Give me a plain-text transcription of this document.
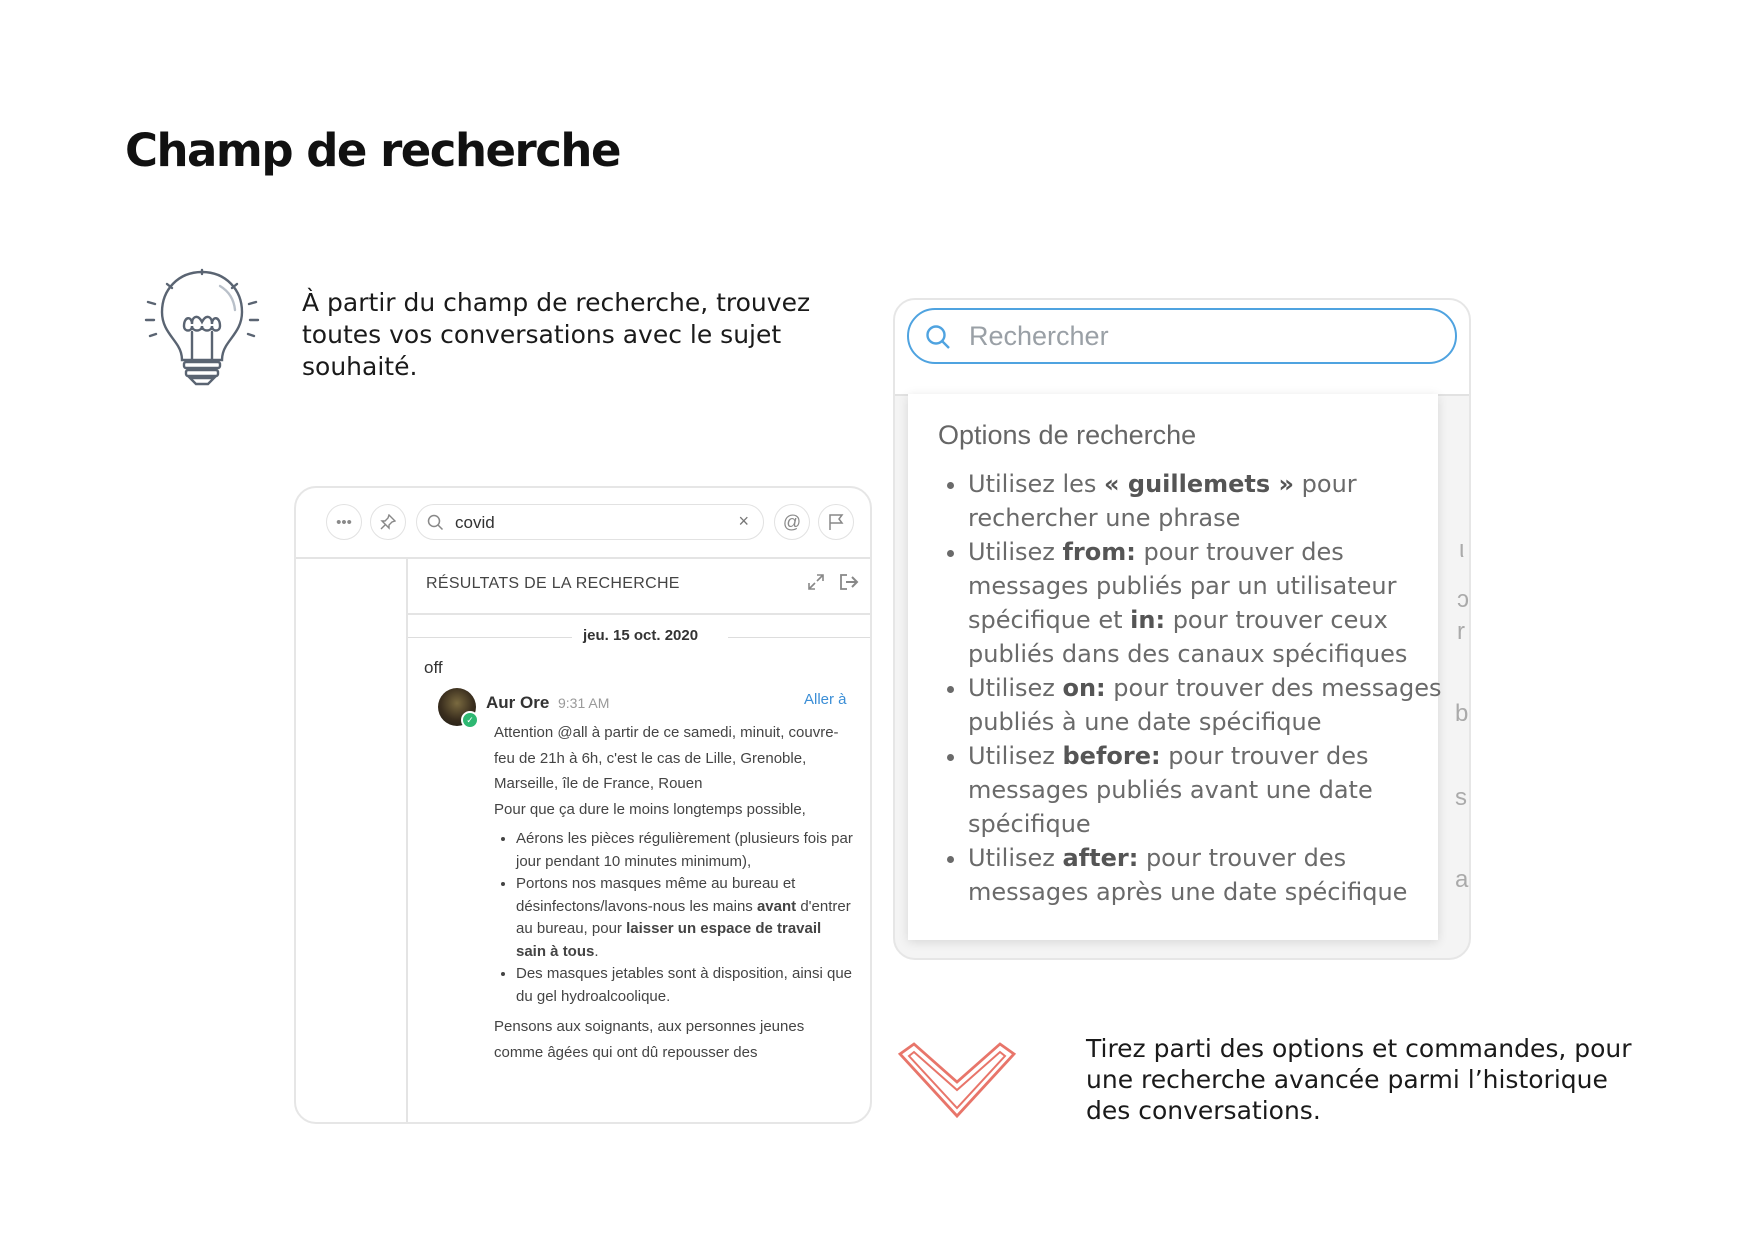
Champ de recherche
À partir du champ de recherche, trouvez toutes vos conversations avec le sujet souhaité.
•••	covid	× @
RÉSULTATS DE LA RECHERCHE
jeu. 15 oct. 2020
off
✓
Aur Ore 9:31 AM	Aller à

Attention @all à partir de ce samedi, minuit, couvre-feu de 21h à 6h, c'est le cas de Lille, Grenoble, Marseille, île de France, Rouen

Pour que ça dure le moins longtemps possible,

• Aérons les pièces régulièrement (plusieurs fois par jour pendant 10 minutes minimum),
• Portons nos masques même au bureau et désinfectons/lavons-nous les mains avant d'entrer au bureau, pour laisser un espace de travail sain à tous.
• Des masques jetables sont à disposition, ainsi que du gel hydroalcoolique.

Pensons aux soignants, aux personnes jeunes comme âgées qui ont dû repousser des

Rechercher
ι
ɔ
r
b
s
a
Options de recherche
• Utilisez les « guillemets » pour rechercher une phrase
• Utilisez from: pour trouver des messages publiés par un utilisateur spécifique et in: pour trouver ceux publiés dans des canaux spécifiques
• Utilisez on: pour trouver des messages publiés à une date spécifique
• Utilisez before: pour trouver des messages publiés avant une date spécifique
• Utilisez after: pour trouver des messages après une date spécifique
Tirez parti des options et commandes, pour une recherche avancée parmi l’historique des conversations.
